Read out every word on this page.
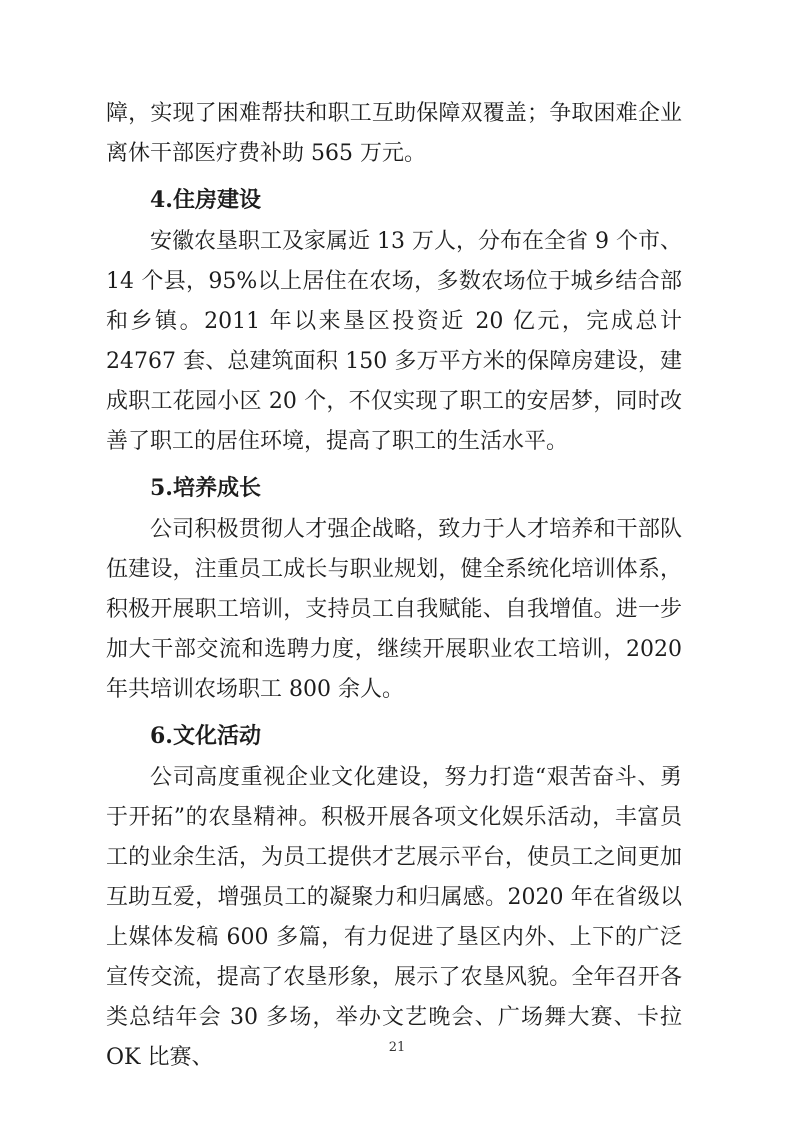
障，实现了困难帮扶和职工互助保障双覆盖；争取困难企业离休干部医疗费补助 565 万元。

4.住房建设

安徽农垦职工及家属近 13 万人，分布在全省 9 个市、14 个县，95%以上居住在农场，多数农场位于城乡结合部和乡镇。2011 年以来垦区投资近 20 亿元，完成总计 24767 套、总建筑面积 150 多万平方米的保障房建设，建成职工花园小区 20 个，不仅实现了职工的安居梦，同时改善了职工的居住环境，提高了职工的生活水平。

5.培养成长

公司积极贯彻人才强企战略，致力于人才培养和干部队伍建设，注重员工成长与职业规划，健全系统化培训体系，积极开展职工培训，支持员工自我赋能、自我增值。进一步加大干部交流和选聘力度，继续开展职业农工培训，2020 年共培训农场职工 800 余人。

6.文化活动

公司高度重视企业文化建设，努力打造“艰苦奋斗、勇于开拓”的农垦精神。积极开展各项文化娱乐活动，丰富员工的业余生活，为员工提供才艺展示平台，使员工之间更加互助互爱，增强员工的凝聚力和归属感。2020 年在省级以上媒体发稿 600 多篇，有力促进了垦区内外、上下的广泛宣传交流，提高了农垦形象，展示了农垦风貌。全年召开各类总结年会 30 多场，举办文艺晚会、广场舞大赛、卡拉 OK 比赛、	21
